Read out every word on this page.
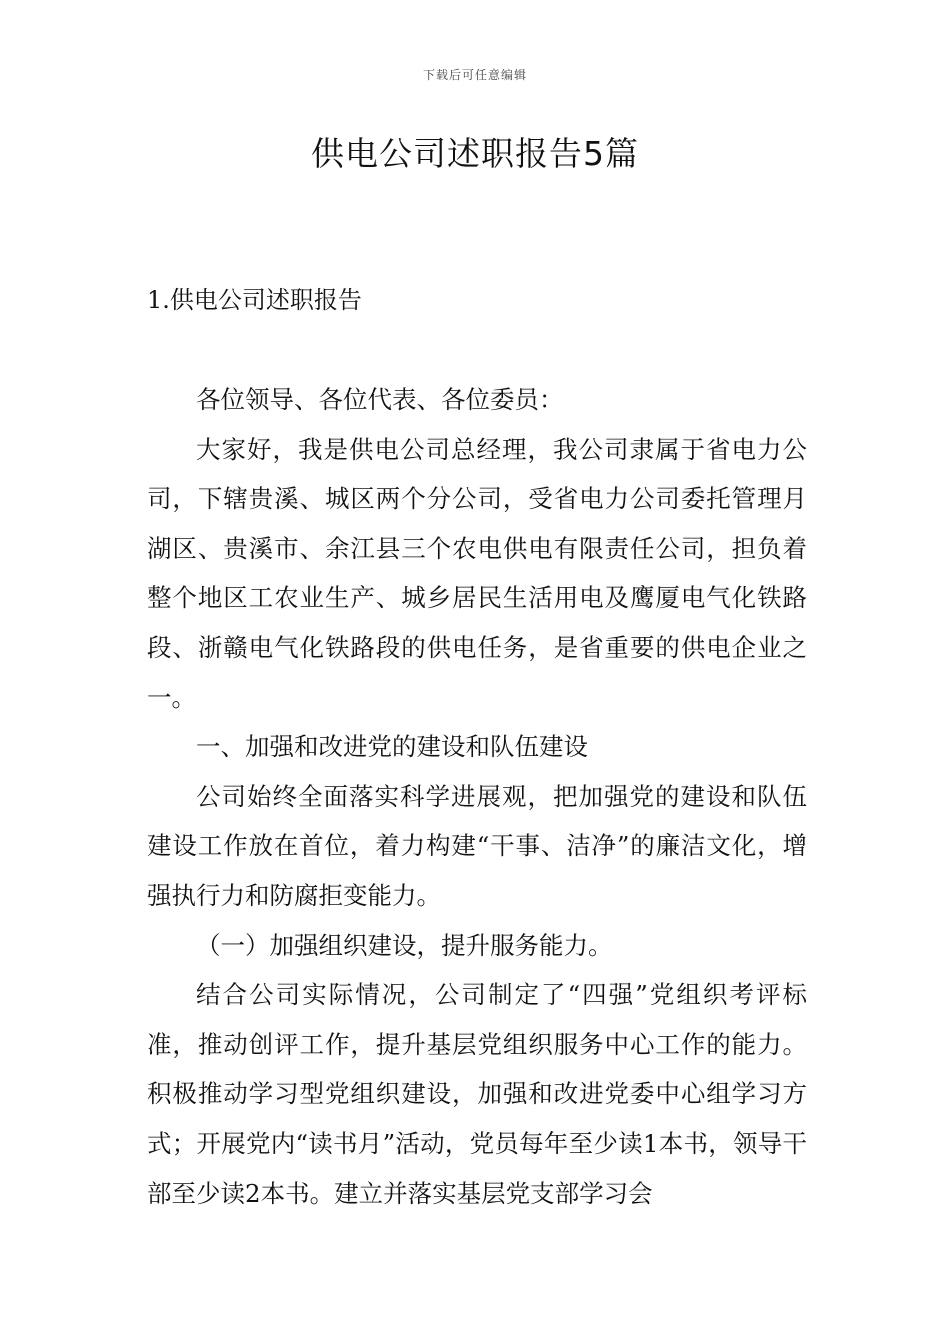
下载后可任意编辑
供电公司述职报告5篇
1.供电公司述职报告

各位领导、各位代表、各位委员：

大家好，我是供电公司总经理，我公司隶属于省电力公司，下辖贵溪、城区两个分公司，受省电力公司委托管理月湖区、贵溪市、余江县三个农电供电有限责任公司，担负着整个地区工农业生产、城乡居民生活用电及鹰厦电气化铁路段、浙赣电气化铁路段的供电任务，是省重要的供电企业之一。

一、加强和改进党的建设和队伍建设

公司始终全面落实科学进展观，把加强党的建设和队伍建设工作放在首位，着力构建“干事、洁净”的廉洁文化，增强执行力和防腐拒变能力。

（一）加强组织建设，提升服务能力。

结合公司实际情况，公司制定了“四强”党组织考评标准，推动创评工作，提升基层党组织服务中心工作的能力。积极推动学习型党组织建设，加强和改进党委中心组学习方式；开展党内“读书月”活动，党员每年至少读1本书，领导干部至少读2本书。建立并落实基层党支部学习会
